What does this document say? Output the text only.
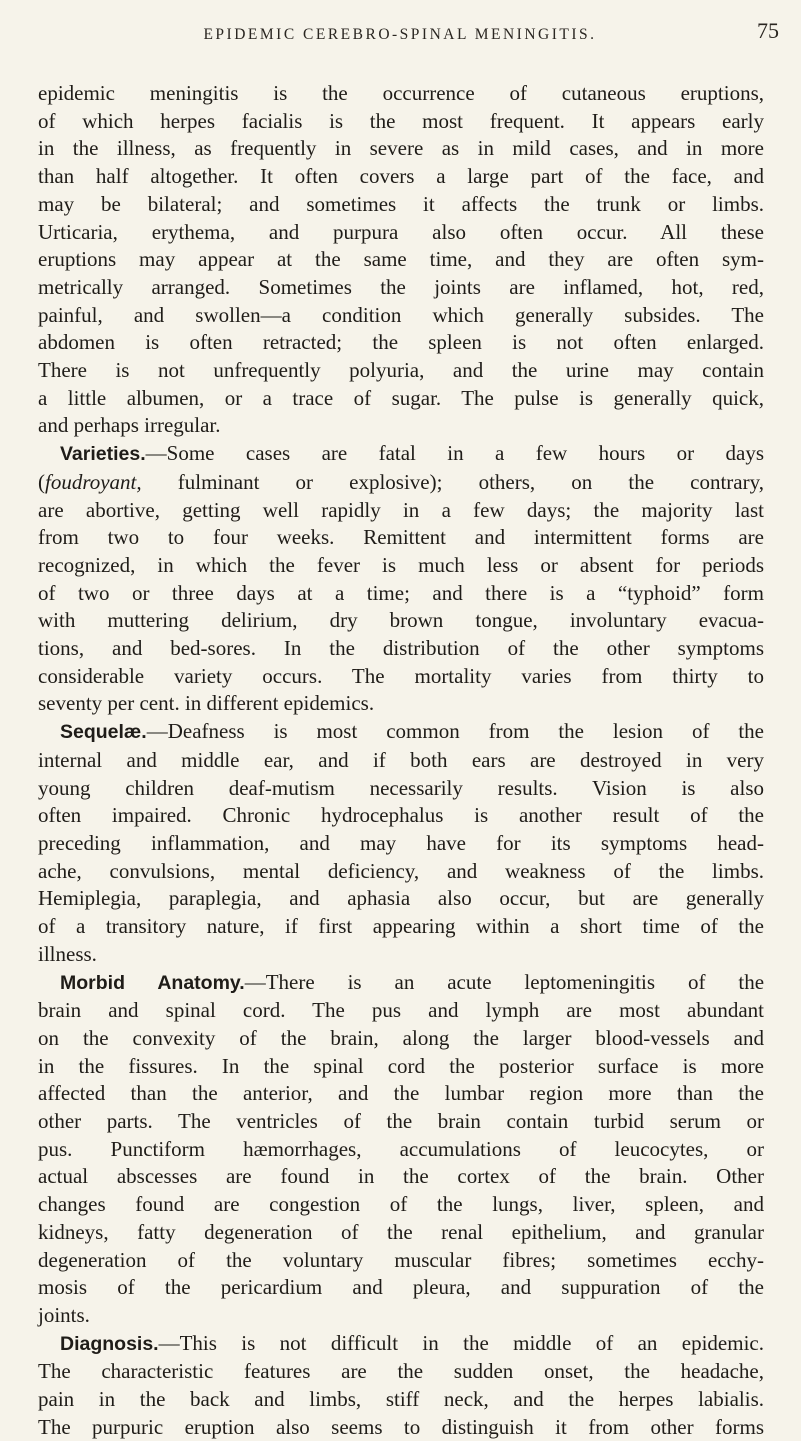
EPIDEMIC CEREBRO-SPINAL MENINGITIS.	75
epidemic meningitis is the occurrence of cutaneous eruptions,
of which herpes facialis is the most frequent. It appears early
in the illness, as frequently in severe as in mild cases, and in more
than half altogether. It often covers a large part of the face, and
may be bilateral; and sometimes it affects the trunk or limbs.
Urticaria, erythema, and purpura also often occur. All these
eruptions may appear at the same time, and they are often sym-
metrically arranged. Sometimes the joints are inflamed, hot, red,
painful, and swollen—a condition which generally subsides. The
abdomen is often retracted; the spleen is not often enlarged.
There is not unfrequently polyuria, and the urine may contain
a little albumen, or a trace of sugar. The pulse is generally quick,
and perhaps irregular.
Varieties.—Some cases are fatal in a few hours or days
(foudroyant, fulminant or explosive); others, on the contrary,
are abortive, getting well rapidly in a few days; the majority last
from two to four weeks. Remittent and intermittent forms are
recognized, in which the fever is much less or absent for periods
of two or three days at a time; and there is a “typhoid” form
with muttering delirium, dry brown tongue, involuntary evacua-
tions, and bed-sores. In the distribution of the other symptoms
considerable variety occurs. The mortality varies from thirty to
seventy per cent. in different epidemics.
Sequelæ.—Deafness is most common from the lesion of the
internal and middle ear, and if both ears are destroyed in very
young children deaf-mutism necessarily results. Vision is also
often impaired. Chronic hydrocephalus is another result of the
preceding inflammation, and may have for its symptoms head-
ache, convulsions, mental deficiency, and weakness of the limbs.
Hemiplegia, paraplegia, and aphasia also occur, but are generally
of a transitory nature, if first appearing within a short time of the
illness.
Morbid Anatomy.—There is an acute leptomeningitis of the
brain and spinal cord. The pus and lymph are most abundant
on the convexity of the brain, along the larger blood-vessels and
in the fissures. In the spinal cord the posterior surface is more
affected than the anterior, and the lumbar region more than the
other parts. The ventricles of the brain contain turbid serum or
pus. Punctiform hæmorrhages, accumulations of leucocytes, or
actual abscesses are found in the cortex of the brain. Other
changes found are congestion of the lungs, liver, spleen, and
kidneys, fatty degeneration of the renal epithelium, and granular
degeneration of the voluntary muscular fibres; sometimes ecchy-
mosis of the pericardium and pleura, and suppuration of the
joints.
Diagnosis.—This is not difficult in the middle of an epidemic.
The characteristic features are the sudden onset, the headache,
pain in the back and limbs, stiff neck, and the herpes labialis.
The purpuric eruption also seems to distinguish it from other forms
